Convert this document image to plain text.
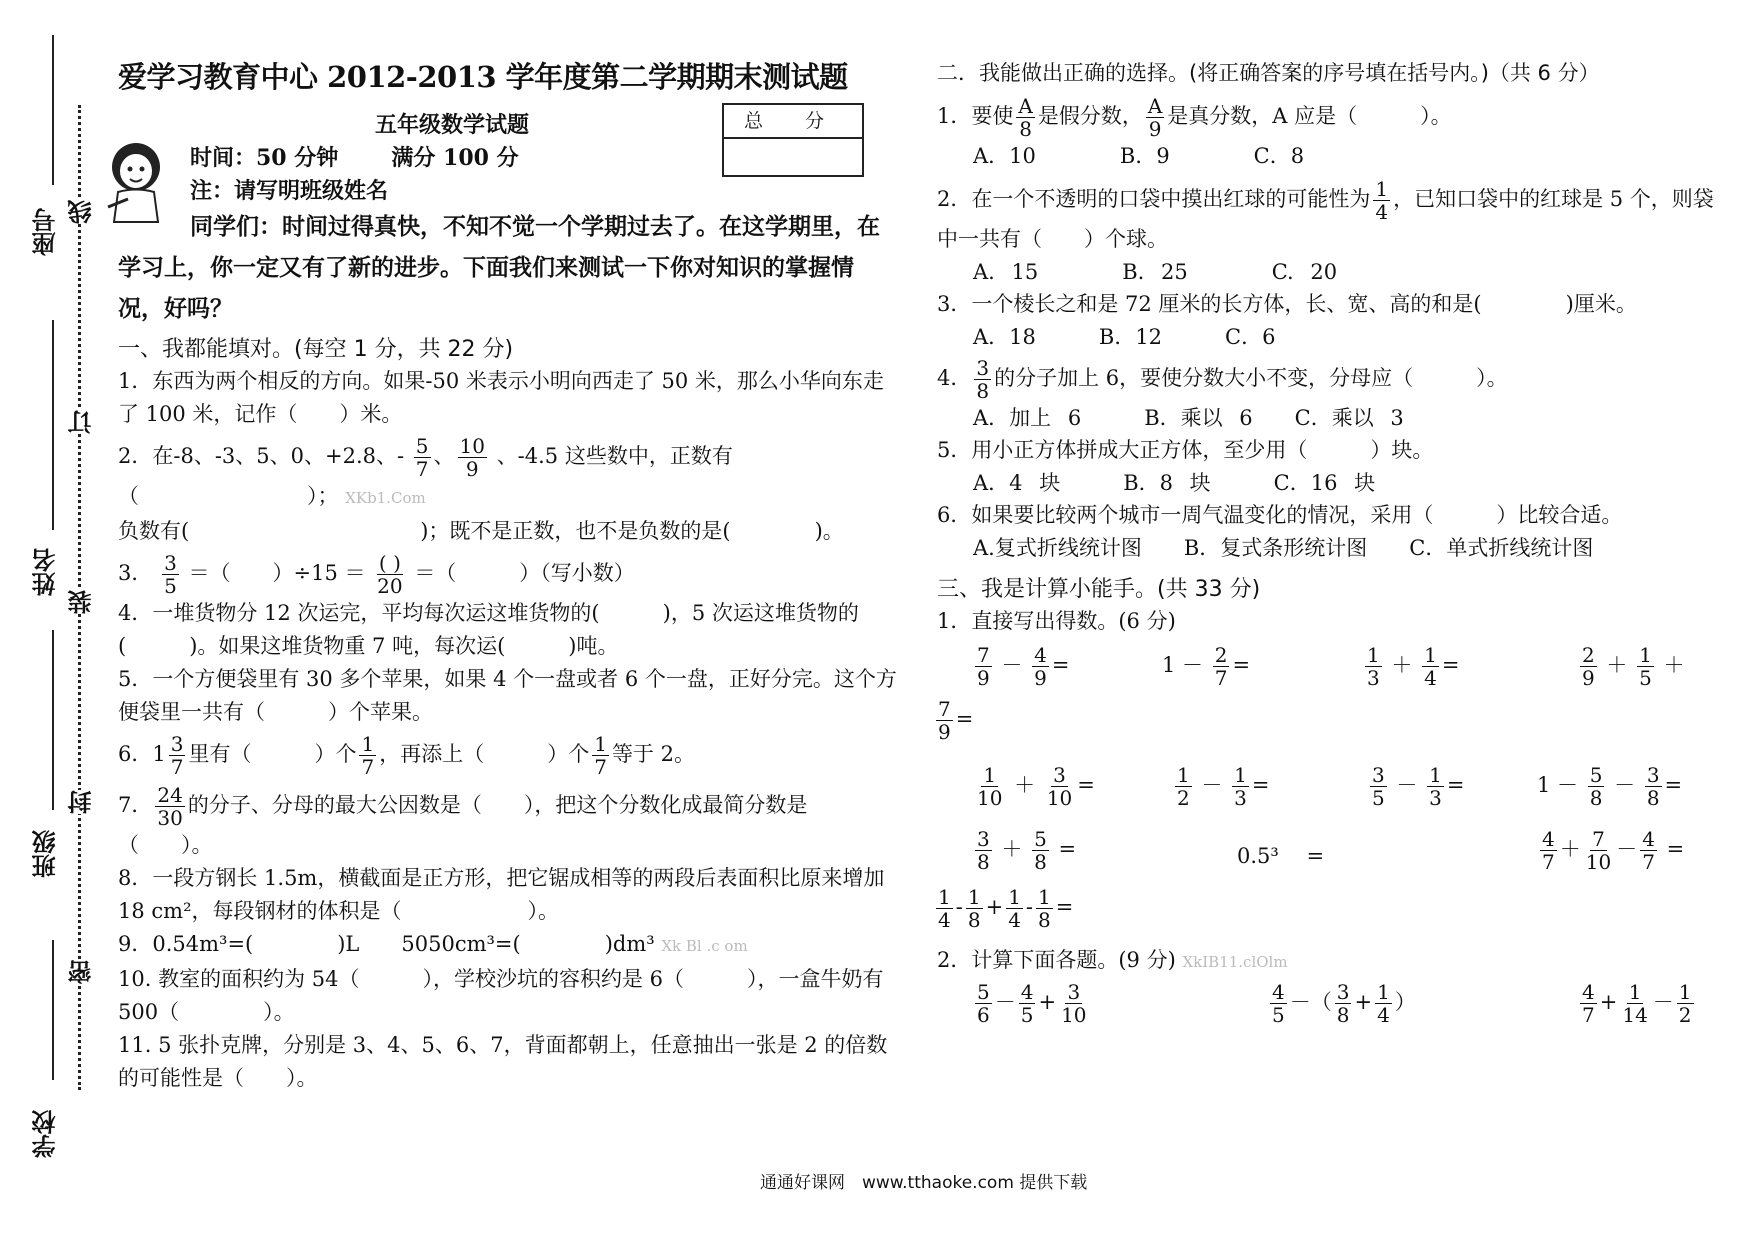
座号
姓名
班级
学校
线
订
装
封
密
爱学习教育中心 2012-2013 学年度第二学期期末测试题
五年级数学试题	总 分
时间：50 分钟 满分 100 分
注：请写明班级姓名
同学们：时间过得真快，不知不觉一个学期过去了。在这学期里，在学习上，你一定又有了新的进步。下面我们来测试一下你对知识的掌握情况，好吗？
一、我都能填对。(每空 1 分，共 22 分)
1．东西为两个相反的方向。如果-50 米表示小明向西走了 50 米，那么小华向东走了 100 米，记作（　　）米。
2．在-8、-3、5、0、+2.8、- $\frac{5}{7}$ 、 $\frac{10}{9}$ 、-4.5 这些数中，正数有
（　　　　　　　　）； XKb1.Com
负数有(　　　　　　　　　　　)；既不是正数，也不是负数的是(　　　　)。
3． $\frac{3}{5}$ ＝（　　）$\div 15 = \frac{( )}{20}$ ＝（　　　）（写小数）
4．一堆货物分 12 次运完，平均每次运这堆货物的(　　　)，5 次运这堆货物的(　　　)。如果这堆货物重 7 吨，每次运(　　　)吨。
5．一个方便袋里有 30 多个苹果，如果 4 个一盘或者 6 个一盘，正好分完。这个方便袋里一共有（　　　）个苹果。
6．$1 \frac{3}{7}$ 里有（　　　）个 $\frac{1}{7}$ ，再添上（　　　）个 $\frac{1}{7}$ 等于 2。
7． $\frac{24}{30}$ 的分子、分母的最大公因数是（　　），把这个分数化成最简分数是（　　）。
8．一段方钢长 1.5m，横截面是正方形，把它锯成相等的两段后表面积比原来增加 18 cm²，每段钢材的体积是（　　　　　　）。
9．0.54m³=(　　　　)L　　5050cm³=(　　　　)dm³ Xk Bl .c om
10. 教室的面积约为 54（　　　），学校沙坑的容积约是 6（　　　），一盒牛奶有 500（　　　　）。
11. 5 张扑克牌，分别是 3、4、5、6、7，背面都朝上，任意抽出一张是 2 的倍数的可能性是（　　）。
二．我能做出正确的选择。(将正确答案的序号填在括号内。)（共 6 分）
1．要使 $\frac{A}{8}$ 是假分数， $\frac{A}{9}$ 是真分数，A 应是（　　　）。
A．10　　　　B．9　　　　C．8
2．在一个不透明的口袋中摸出红球的可能性为 $\frac{1}{4}$ ，已知口袋中的红球是 5 个，则袋中一共有（　　）个球。
A. 15　　　　B. 25　　　　C. 20
3．一个棱长之和是 72 厘米的长方体，长、宽、高的和是(　　　　)厘米。
A．18　　　B．12　　　C．6
4． $\frac{3}{8}$ 的分子加上 6，要使分数大小不变，分母应（　　　）。
A．加上 6　　　B．乘以 6　　C．乘以 3
5．用小正方体拼成大正方体，至少用（　　　）块。
A．4 块　　　B．8 块　　　C．16 块
6．如果要比较两个城市一周气温变化的情况，采用（　　　）比较合适。
A.复式折线统计图　　B．复式条形统计图　　C．单式折线统计图
三、我是计算小能手。(共 33 分)
1．直接写出得数。(6 分)
$\frac{7}{9} - \frac{4}{9}$ =	$1 - \frac{2}{7}$ =	$\frac{1}{3} + \frac{1}{4}$ =	$\frac{2}{9} + \frac{1}{5}$ ＋
$\frac{7}{9}$ =
$\frac{1}{10} + \frac{3}{10}$ =	$\frac{1}{2} - \frac{1}{3}$ =	$\frac{3}{5} - \frac{1}{3}$ =	$1 - \frac{5}{8} - \frac{3}{8}$ =
$\frac{3}{8} + \frac{5}{8}$ =	0.5³　 =	$\frac{4}{7} + \frac{7}{10} - \frac{4}{7}$ =
$\frac{1}{4} - \frac{1}{8} + \frac{1}{4} - \frac{1}{8}$ =
2．计算下面各题。(9 分) XkIB11.clOlm
$\frac{5}{6} - \frac{4}{5} + \frac{3}{10}$	$\frac{4}{5}$ －（ $\frac{3}{8} + \frac{1}{4}$ ）	$\frac{4}{7} + \frac{1}{14} - \frac{1}{2}$
通通好课网　www.tthaoke.com 提供下载
